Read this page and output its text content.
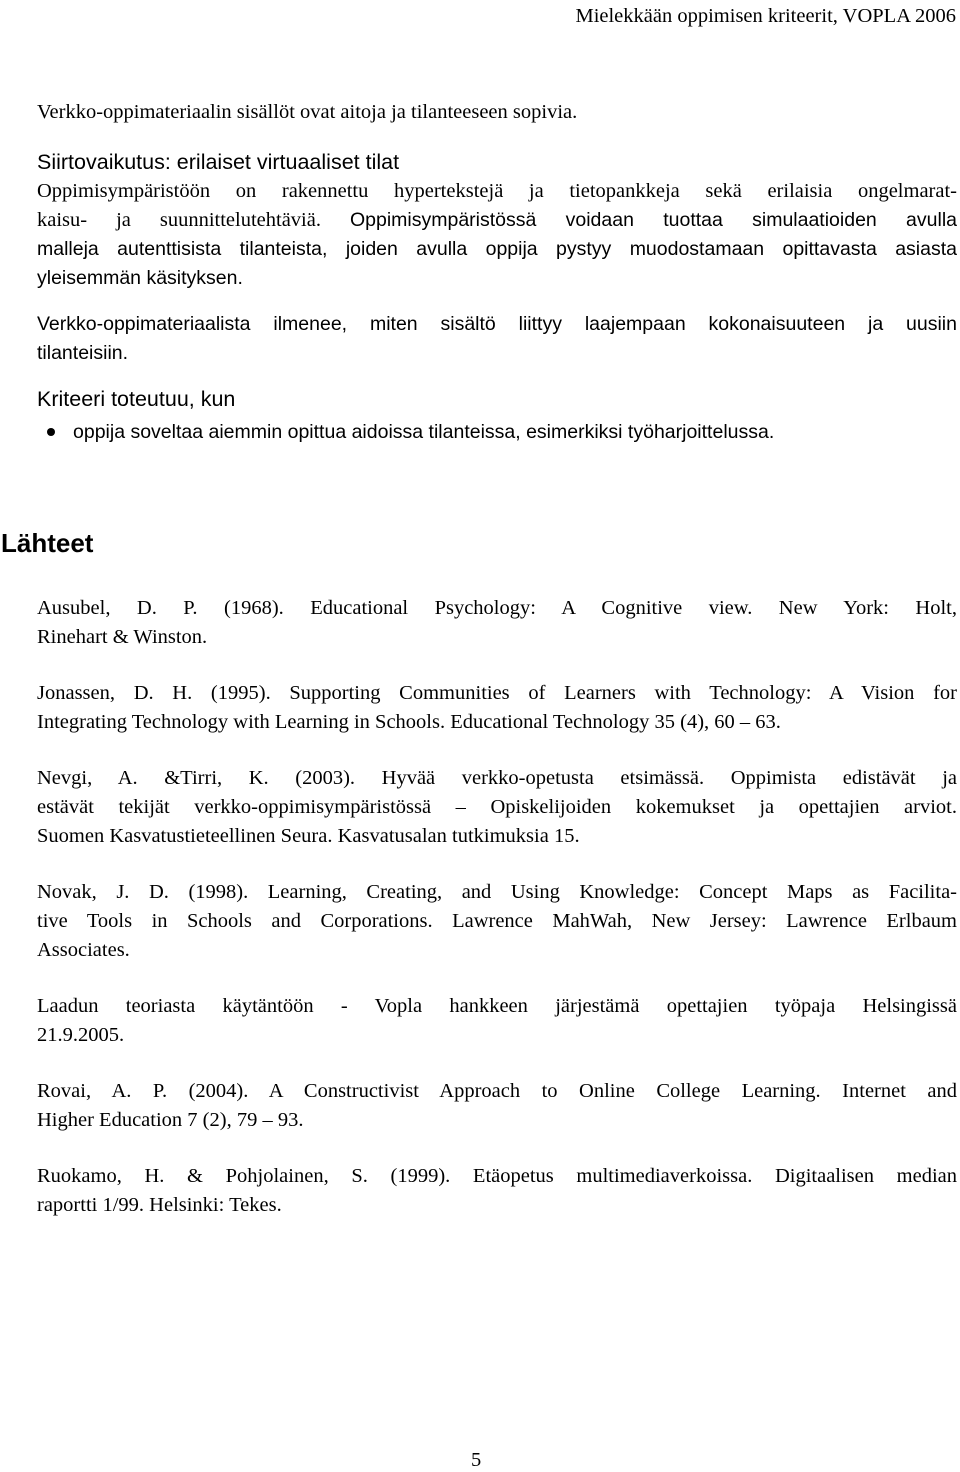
Mielekkään oppimisen kriteerit, VOPLA 2006

Verkko-oppimateriaalin sisällöt ovat aitoja ja tilanteeseen sopivia.

Siirtovaikutus: erilaiset virtuaaliset tilat

Oppimisympäristöön on rakennettu hypertekstejä ja tietopankkeja sekä erilaisia ongelmarat-
kaisu- ja suunnittelutehtäviä. Oppimisympäristössä voidaan tuottaa simulaatioiden avulla
malleja autenttisista tilanteista, joiden avulla oppija pystyy muodostamaan opittavasta asiasta
yleisemmän käsityksen.
Verkko-oppimateriaalista ilmenee, miten sisältö liittyy laajempaan kokonaisuuteen ja uusiin
tilanteisiin.

Kriteeri toteutuu, kun

oppija soveltaa aiemmin opittua aidoissa tilanteissa, esimerkiksi työharjoittelussa.

Lähteet
Ausubel, D. P. (1968). Educational Psychology: A Cognitive view. New York: Holt,
Rinehart & Winston.
Jonassen, D. H. (1995). Supporting Communities of Learners with Technology: A Vision for
Integrating Technology with Learning in Schools. Educational Technology 35 (4), 60 – 63.
Nevgi, A. &Tirri, K. (2003). Hyvää verkko-opetusta etsimässä. Oppimista edistävät ja
estävät tekijät verkko-oppimisympäristössä – Opiskelijoiden kokemukset ja opettajien arviot.
Suomen Kasvatustieteellinen Seura. Kasvatusalan tutkimuksia 15.
Novak, J. D. (1998). Learning, Creating, and Using Knowledge: Concept Maps as Facilita-
tive Tools in Schools and Corporations. Lawrence MahWah, New Jersey: Lawrence Erlbaum
Associates.
Laadun teoriasta käytäntöön - Vopla hankkeen järjestämä opettajien työpaja Helsingissä
21.9.2005.
Rovai, A. P. (2004). A Constructivist Approach to Online College Learning. Internet and
Higher Education 7 (2), 79 – 93.
Ruokamo, H. & Pohjolainen, S. (1999). Etäopetus multimediaverkoissa. Digitaalisen median
raportti 1/99. Helsinki: Tekes.
5
